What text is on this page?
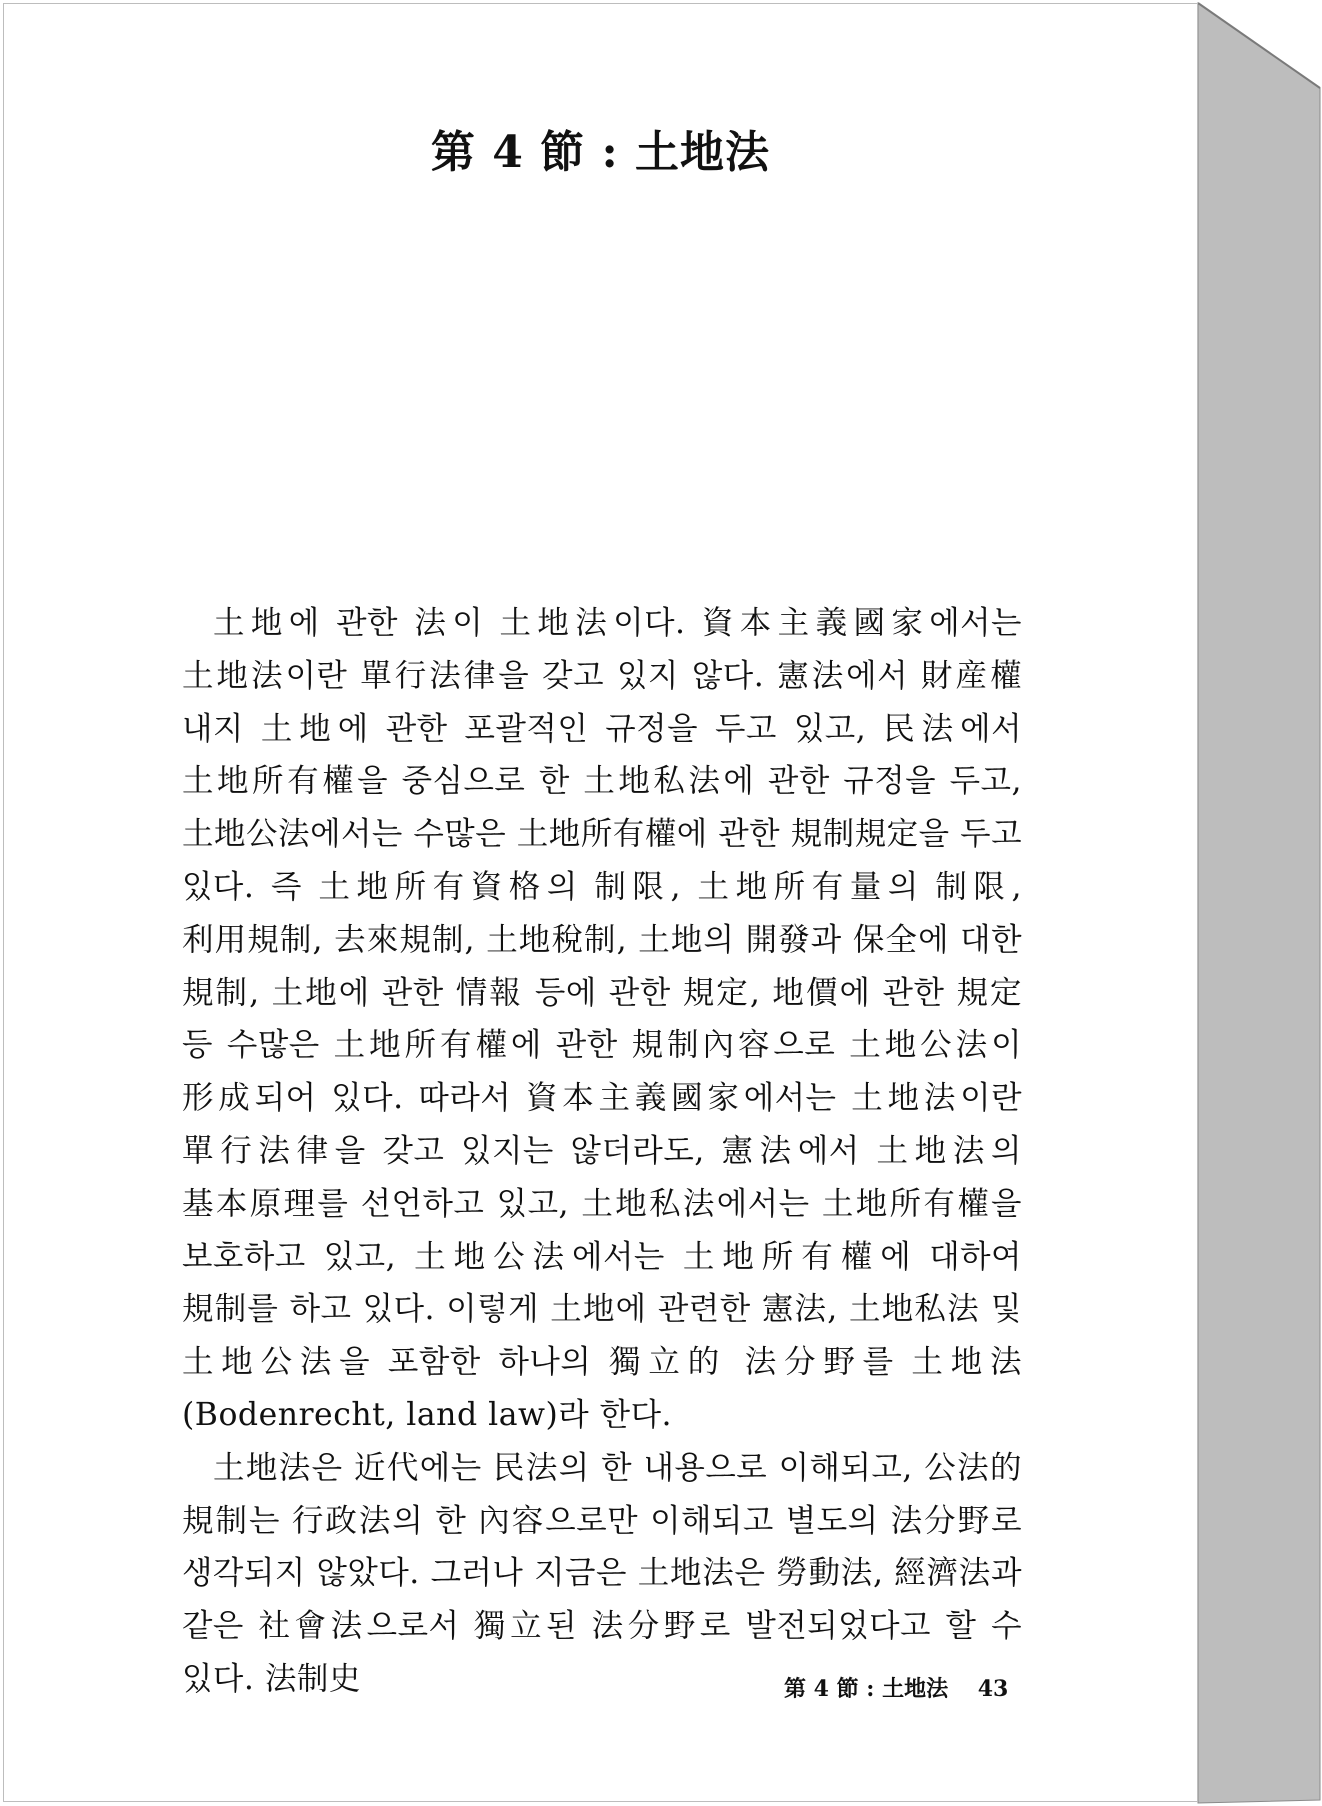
第 4 節 : 土地法

土地에 관한 法이 土地法이다. 資本主義國家에서는 土地法이란 單行法律을 갖고 있지 않다. 憲法에서 財産權 내지 土地에 관한 포괄적인 규정을 두고 있고, 民法에서 土地所有權을 중심으로 한 土地私法에 관한 규정을 두고, 土地公法에서는 수많은 土地所有權에 관한 規制規定을 두고 있다. 즉 土地所有資格의 制限, 土地所有量의 制限, 利用規制, 去來規制, 土地稅制, 土地의 開發과 保全에 대한 規制, 土地에 관한 情報 등에 관한 規定, 地價에 관한 規定 등 수많은 土地所有權에 관한 規制內容으로 土地公法이 形成되어 있다. 따라서 資本主義國家에서는 土地法이란 單行法律을 갖고 있지는 않더라도, 憲法에서 土地法의 基本原理를 선언하고 있고, 土地私法에서는 土地所有權을 보호하고 있고, 土地公法에서는 土地所有權에 대하여 規制를 하고 있다. 이렇게 土地에 관련한 憲法, 土地私法 및 土地公法을 포함한 하나의 獨立的 法分野를 土地法(Bodenrecht, land law)라 한다.

土地法은 近代에는 民法의 한 내용으로 이해되고, 公法的 規制는 行政法의 한 內容으로만 이해되고 별도의 法分野로 생각되지 않았다. 그러나 지금은 土地法은 勞動法, 經濟法과 같은 社會法으로서 獨立된 法分野로 발전되었다고 할 수 있다. 法制史	第 4 節 : 土地法 43
